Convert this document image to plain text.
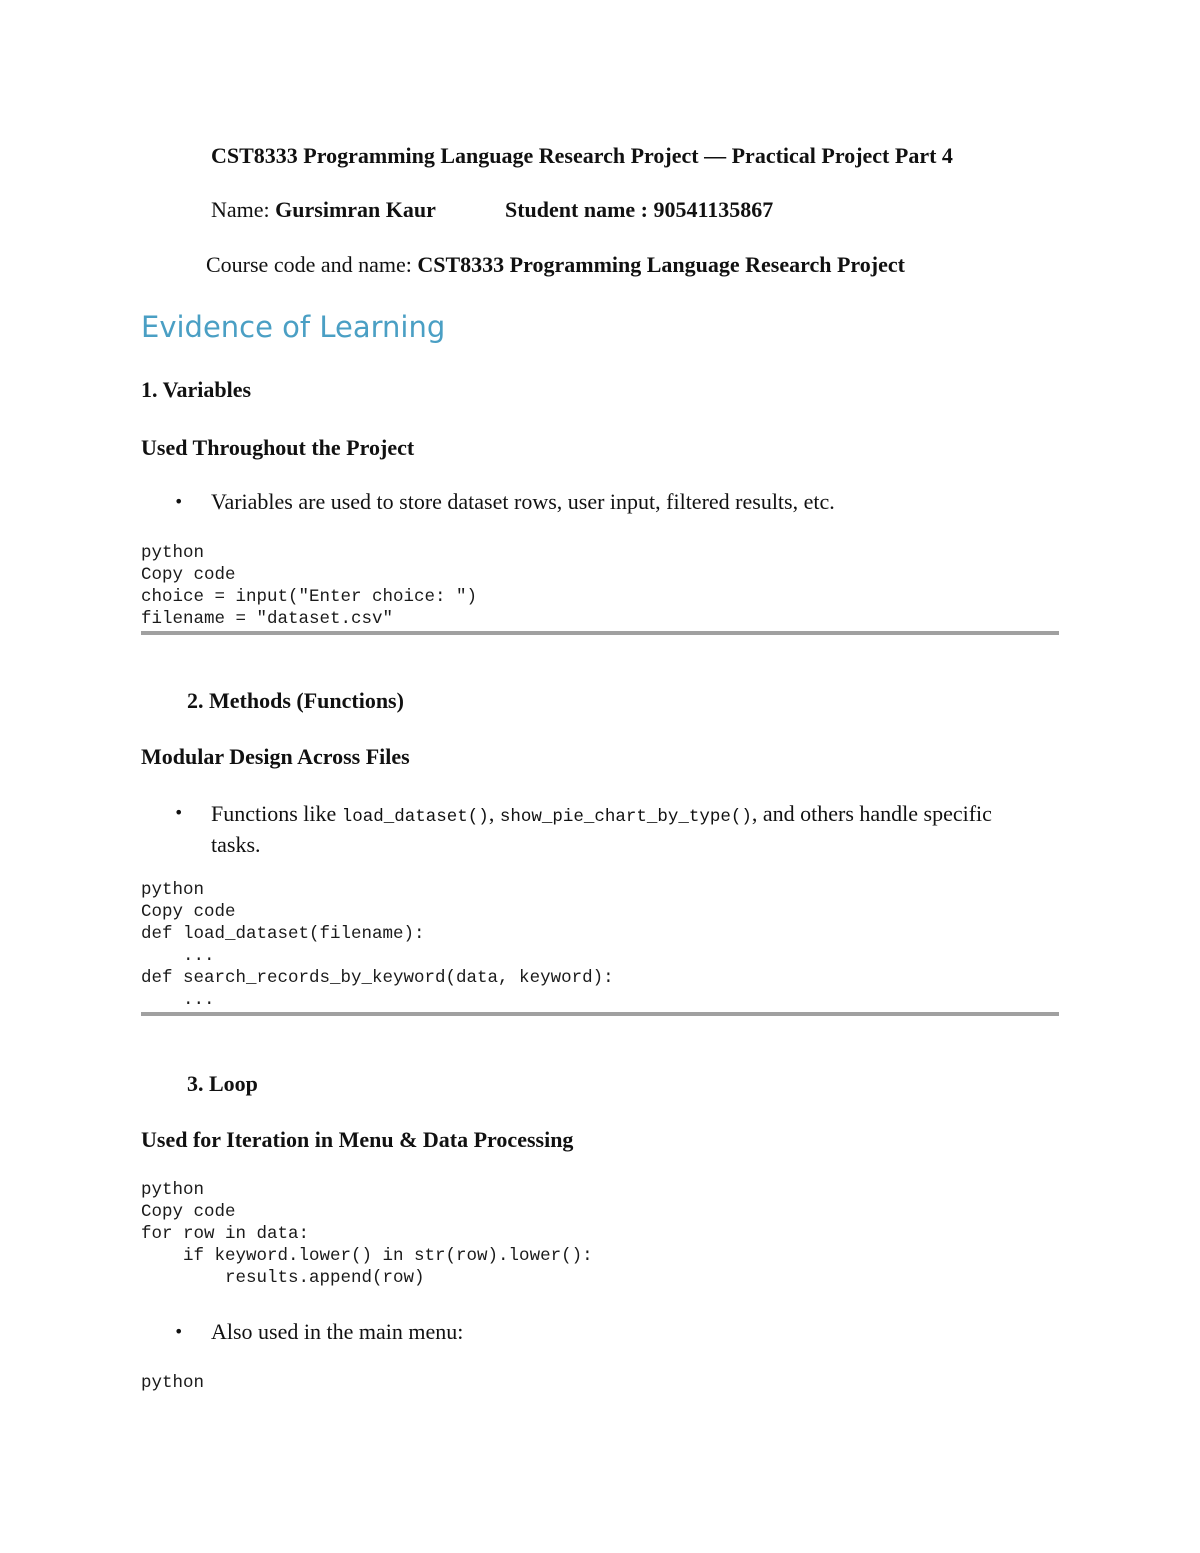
CST8333 Programming Language Research Project — Practical Project Part 4

Name: Gursimran Kaur	Student name : 90541135867

Course code and name: CST8333 Programming Language Research Project

Evidence of Learning

1. Variables

Used Throughout the Project

• Variables are used to store dataset rows, user input, filtered results, etc.

python

Copy code

choice = input("Enter choice: ")

filename = "dataset.csv"

2. Methods (Functions)

Modular Design Across Files

• Functions like load_dataset(), show_pie_chart_by_type(), and others handle specific tasks.

python

Copy code

def load_dataset(filename):

...

def search_records_by_keyword(data, keyword):

...

3. Loop

Used for Iteration in Menu & Data Processing

python

Copy code

for row in data:

if keyword.lower() in str(row).lower():

results.append(row)

• Also used in the main menu:

python
